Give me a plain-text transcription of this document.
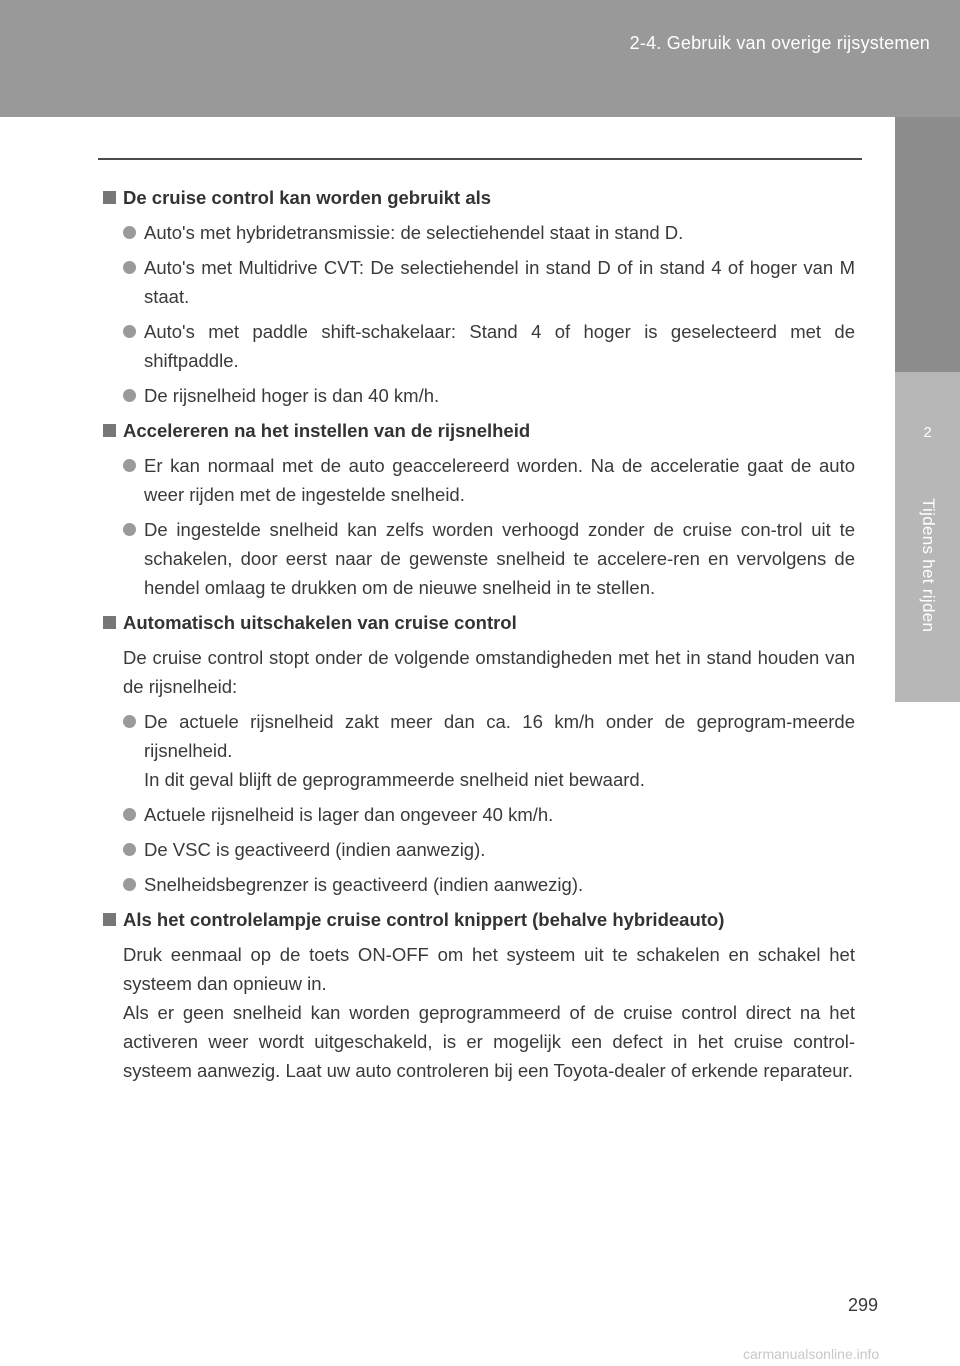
2-4. Gebruik van overige rijsystemen
2
Tijdens het rijden
De cruise control kan worden gebruikt als
Auto's met hybridetransmissie: de selectiehendel staat in stand D.
Auto's met Multidrive CVT: De selectiehendel in stand D of in stand 4 of hoger van M staat.
Auto's met paddle shift-schakelaar: Stand 4 of hoger is geselecteerd met de shiftpaddle.
De rijsnelheid hoger is dan 40 km/h.
Accelereren na het instellen van de rijsnelheid
Er kan normaal met de auto geaccelereerd worden. Na de acceleratie gaat de auto weer rijden met de ingestelde snelheid.
De ingestelde snelheid kan zelfs worden verhoogd zonder de cruise con-trol uit te schakelen, door eerst naar de gewenste snelheid te accelere-ren en vervolgens de hendel omlaag te drukken om de nieuwe snelheid in te stellen.
Automatisch uitschakelen van cruise control
De cruise control stopt onder de volgende omstandigheden met het in stand houden van de rijsnelheid:
De actuele rijsnelheid zakt meer dan ca. 16 km/h onder de geprogram-meerde rijsnelheid.
In dit geval blijft de geprogrammeerde snelheid niet bewaard.
Actuele rijsnelheid is lager dan ongeveer 40 km/h.
De VSC is geactiveerd (indien aanwezig).
Snelheidsbegrenzer is geactiveerd (indien aanwezig).
Als het controlelampje cruise control knippert (behalve hybrideauto)
Druk eenmaal op de toets ON-OFF om het systeem uit te schakelen en schakel het systeem dan opnieuw in.
Als er geen snelheid kan worden geprogrammeerd of de cruise control direct na het activeren weer wordt uitgeschakeld, is er mogelijk een defect in het cruise control-systeem aanwezig. Laat uw auto controleren bij een Toyota-dealer of erkende reparateur.
299
carmanualsonline.info
